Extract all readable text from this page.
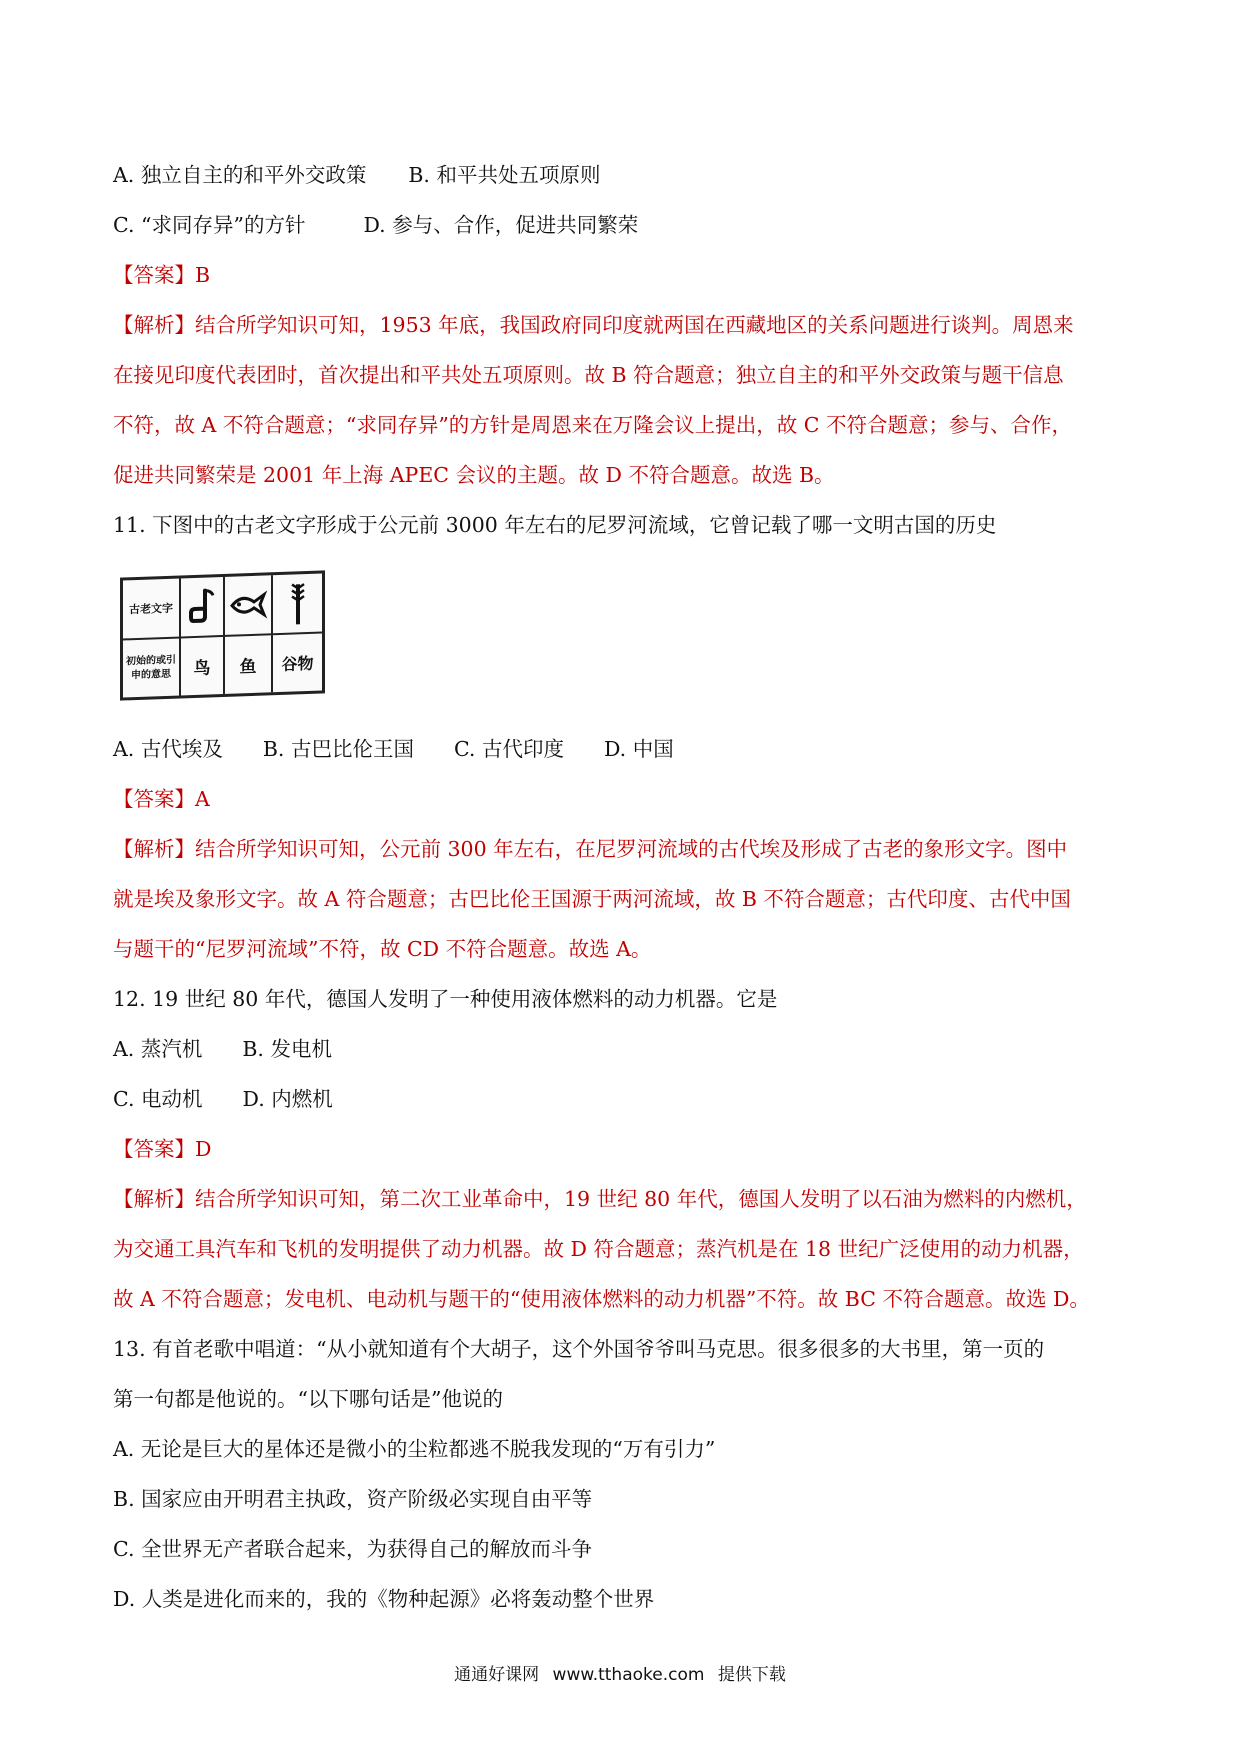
A. 独立自主的和平外交政策 B. 和平共处五项原则
C. “求同存异”的方针	D. 参与、合作，促进共同繁荣
【答案】B
【解析】结合所学知识可知，1953 年底，我国政府同印度就两国在西藏地区的关系问题进行谈判。周恩来
在接见印度代表团时，首次提出和平共处五项原则。故 B 符合题意；独立自主的和平外交政策与题干信息
不符，故 A 不符合题意；“求同存异”的方针是周恩来在万隆会议上提出，故 C 不符合题意；参与、合作，
促进共同繁荣是 2001 年上海 APEC 会议的主题。故 D 不符合题意。故选 B。
11. 下图中的古老文字形成于公元前 3000 年左右的尼罗河流域，它曾记载了哪一文明古国的历史
古老文字
初始的或引申的意思	鸟	鱼	谷物
A. 古代埃及 B. 古巴比伦王国 C. 古代印度 D. 中国
【答案】A
【解析】结合所学知识可知，公元前 300 年左右，在尼罗河流域的古代埃及形成了古老的象形文字。图中
就是埃及象形文字。故 A 符合题意；古巴比伦王国源于两河流域，故 B 不符合题意；古代印度、古代中国
与题干的“尼罗河流域”不符，故 CD 不符合题意。故选 A。
12. 19 世纪 80 年代，德国人发明了一种使用液体燃料的动力机器。它是
A. 蒸汽机 B. 发电机
C. 电动机 D. 内燃机
【答案】D
【解析】结合所学知识可知，第二次工业革命中，19 世纪 80 年代，德国人发明了以石油为燃料的内燃机，
为交通工具汽车和飞机的发明提供了动力机器。故 D 符合题意；蒸汽机是在 18 世纪广泛使用的动力机器，
故 A 不符合题意；发电机、电动机与题干的“使用液体燃料的动力机器”不符。故 BC 不符合题意。故选 D。
13. 有首老歌中唱道：“从小就知道有个大胡子，这个外国爷爷叫马克思。很多很多的大书里，第一页的
第一句都是他说的。“以下哪句话是”他说的
A. 无论是巨大的星体还是微小的尘粒都逃不脱我发现的“万有引力”
B. 国家应由开明君主执政，资产阶级必实现自由平等
C. 全世界无产者联合起来，为获得自己的解放而斗争
D. 人类是进化而来的，我的《物种起源》必将轰动整个世界
通通好课网 www.tthaoke.com 提供下载
